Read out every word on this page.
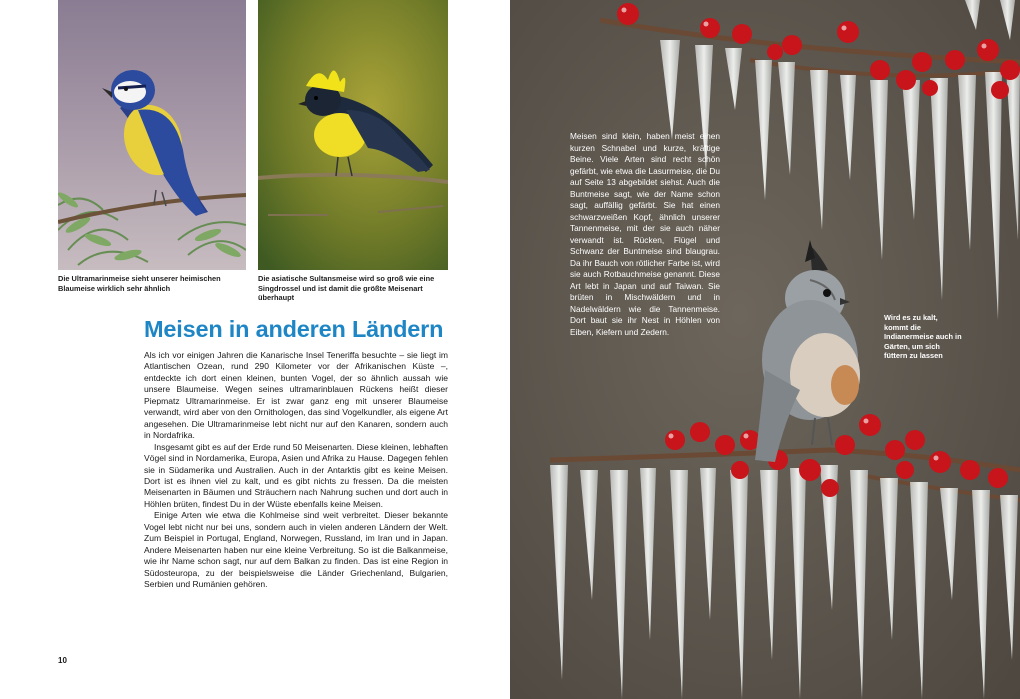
Die Ultramarinmeise sieht unserer heimischen Blaumeise wirklich sehr ähnlich
Die asiatische Sultansmeise wird so groß wie eine Singdrossel und ist damit die größte Meisenart überhaupt
Meisen in anderen Ländern

Als ich vor einigen Jahren die Kanarische Insel Teneriffa besuchte – sie liegt im Atlantischen Ozean, rund 290 Kilometer vor der Afrikanischen Küste –, entdeckte ich dort einen kleinen, bunten Vogel, der so ähnlich aussah wie unsere Blaumeise. Wegen seines ultramarinblauen Rückens heißt dieser Piepmatz Ultramarinmeise. Er ist zwar ganz eng mit unserer Blaumeise verwandt, wird aber von den Ornithologen, das sind Vogelkundler, als eigene Art angesehen. Die Ultramarinmeise lebt nicht nur auf den Kanaren, sondern auch in Nordafrika.

Insgesamt gibt es auf der Erde rund 50 Meisenarten. Diese kleinen, lebhaften Vögel sind in Nordamerika, Europa, Asien und Afrika zu Hause. Dagegen fehlen sie in Südamerika und Australien. Auch in der Antarktis gibt es keine Meisen. Dort ist es ihnen viel zu kalt, und es gibt nichts zu fressen. Da die meisten Meisenarten in Bäumen und Sträuchern nach Nahrung suchen und dort auch in Höhlen brüten, findest Du in der Wüste ebenfalls keine Meisen.

Einige Arten wie etwa die Kohlmeise sind weit verbreitet. Dieser bekannte Vogel lebt nicht nur bei uns, sondern auch in vielen anderen Ländern der Welt. Zum Beispiel in Portugal, England, Norwegen, Russland, im Iran und in Japan. Andere Meisenarten haben nur eine kleine Verbreitung. So ist die Balkanmeise, wie ihr Name schon sagt, nur auf dem Balkan zu finden. Das ist eine Region in Südosteuropa, zu der beispielsweise die Länder Griechenland, Bulgarien, Serbien und Rumänien gehören.

10
Meisen sind klein, haben meist einen kurzen Schnabel und kurze, kräftige Beine. Viele Arten sind recht schön gefärbt, wie etwa die Lasurmeise, die Du auf Seite 13 abgebildet siehst. Auch die Buntmeise sagt, wie der Name schon sagt, auffällig gefärbt. Sie hat einen schwarzweißen Kopf, ähnlich unserer Tannenmeise, mit der sie auch näher verwandt ist. Rücken, Flügel und Schwanz der Buntmeise sind blaugrau. Da ihr Bauch von rötlicher Farbe ist, wird sie auch Rotbauchmeise genannt. Diese Art lebt in Japan und auf Taiwan. Sie brüten in Mischwäldern und in Nadelwäldern wie die Tannenmeise. Dort baut sie ihr Nest in Höhlen von Eiben, Kiefern und Zedern.
Wird es zu kalt, kommt die Indianermeise auch in Gärten, um sich füttern zu lassen
